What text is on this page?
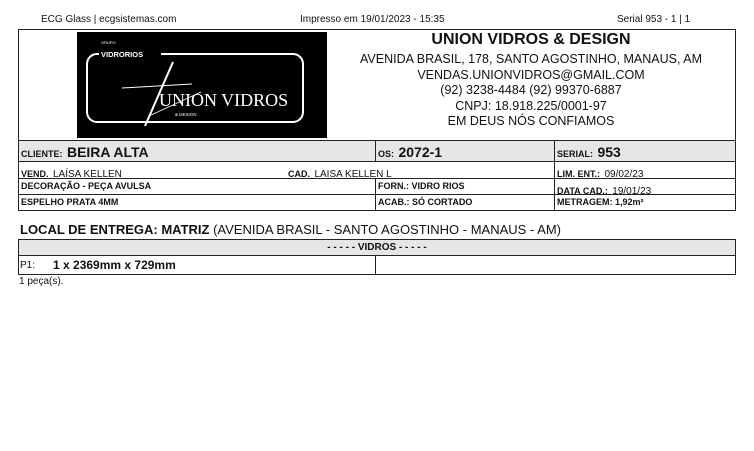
ECG Glass | ecgsistemas.com	Impresso em 19/01/2023 - 15:35	Serial 953 - 1 | 1
GRUPO
VIDRORIOS
UNION VIDROS
& DESIGN
UNION VIDROS & DESIGN
AVENIDA BRASIL, 178, SANTO AGOSTINHO, MANAUS, AM
VENDAS.UNIONVIDROS@GMAIL.COM
(92) 3238-4484 (92) 99370-6887
CNPJ: 18.918.225/0001-97
EM DEUS NÓS CONFIAMOS
CLIENTE: BEIRA ALTA	OS: 2072-1	SERIAL: 953
VEND. LAÍSA KELLEN	CAD. LAISA KELLEN L	LIM. ENT.: 09/02/23
DECORAÇÃO - PEÇA AVULSA	FORN.: VIDRO RIOS	DATA CAD.: 19/01/23
ESPELHO PRATA 4MM	ACAB.: SÓ CORTADO	METRAGEM: 1,92m²
LOCAL DE ENTREGA: MATRIZ (AVENIDA BRASIL - SANTO AGOSTINHO - MANAUS - AM)
- - - - - VIDROS - - - - -
P1: 1 x 2369mm x 729mm
1 peça(s).
